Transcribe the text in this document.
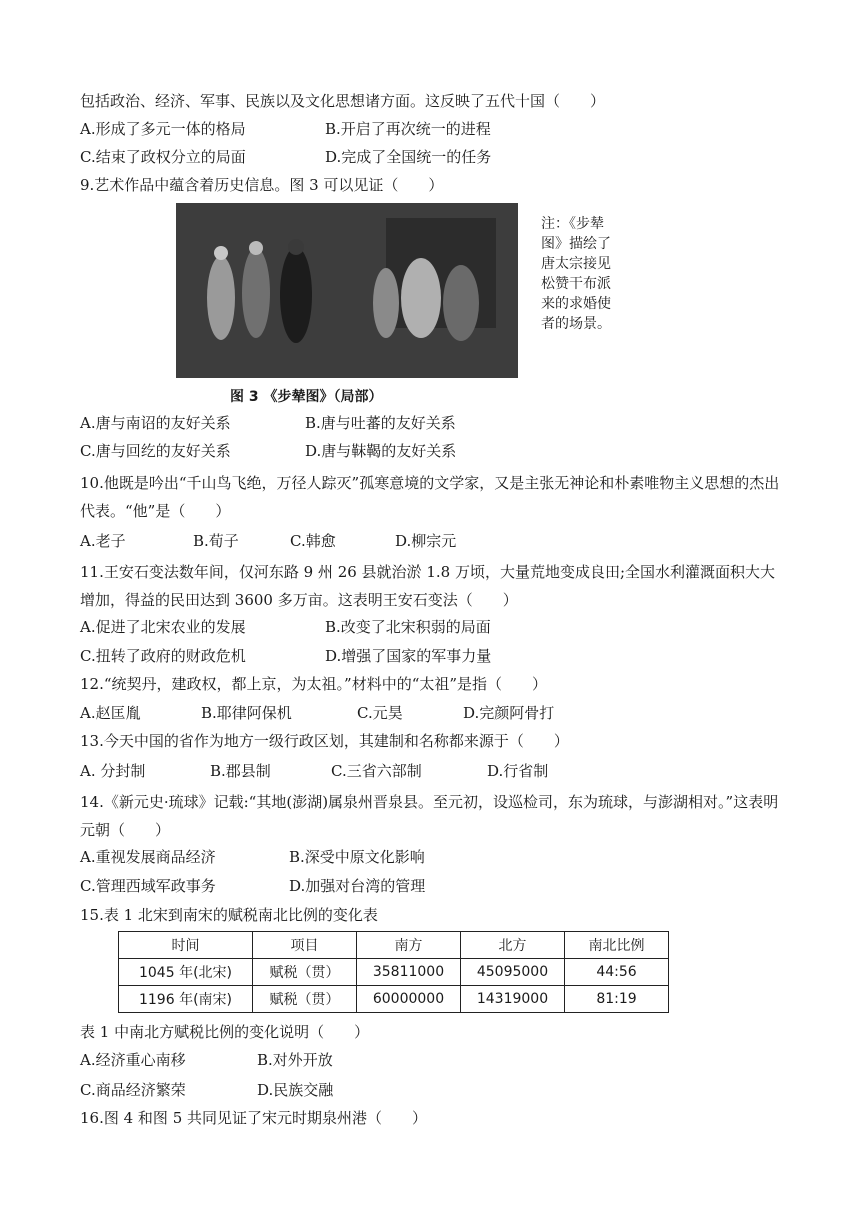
包括政治、经济、军事、民族以及文化思想诸方面。这反映了五代十国（　　）
A.形成了多元一体的格局	B.开启了再次统一的进程
C.结束了政权分立的局面	D.完成了全国统一的任务
9.艺术作品中蕴含着历史信息。图 3 可以见证（　　）
注：《步辇图》描绘了唐太宗接见松赞干布派来的求婚使者的场景。
图 3 《步辇图》（局部）
A.唐与南诏的友好关系	B.唐与吐蕃的友好关系
C.唐与回纥的友好关系	D.唐与靺鞨的友好关系
10.他既是吟出“千山鸟飞绝，万径人踪灭”孤寒意境的文学家，又是主张无神论和朴素唯物主义思想的杰出代表。“他”是（　　）
A.老子	B.荀子	C.韩愈	D.柳宗元
11.王安石变法数年间，仅河东路 9 州 26 县就治淤 1.8 万顷，大量荒地变成良田;全国水利灌溉面积大大增加，得益的民田达到 3600 多万亩。这表明王安石变法（　　）
A.促进了北宋农业的发展	B.改变了北宋积弱的局面
C.扭转了政府的财政危机	D.增强了国家的军事力量
12.“统契丹，建政权，都上京，为太祖。”材料中的“太祖”是指（　　）
A.赵匡胤	B.耶律阿保机	C.元昊	D.完颜阿骨打
13.今天中国的省作为地方一级行政区划，其建制和名称都来源于（　　）
A. 分封制	B.郡县制	C.三省六部制	D.行省制
14.《新元史·琉球》记载:“其地(澎湖)属泉州晋泉县。至元初，设巡检司，东为琉球，与澎湖相对。”这表明元朝（　　）
A.重视发展商品经济	B.深受中原文化影响
C.管理西域军政事务	D.加强对台湾的管理
15.表 1 北宋到南宋的赋税南北比例的变化表
时间	项目	南方	北方	南北比例
1045 年(北宋)	赋税（贯）	35811000	45095000	44:56
1196 年(南宋)	赋税（贯）	60000000	14319000	81:19
表 1 中南北方赋税比例的变化说明（　　）
A.经济重心南移	B.对外开放
C.商品经济繁荣	D.民族交融
16.图 4 和图 5 共同见证了宋元时期泉州港（　　）
